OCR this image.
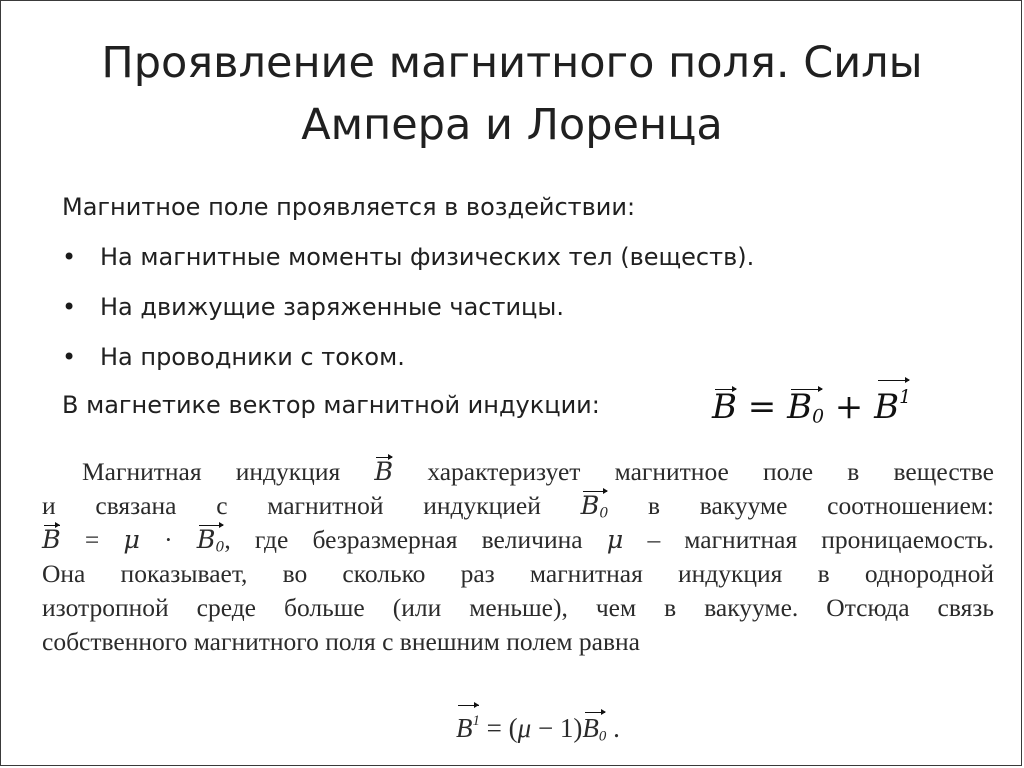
Проявление магнитного поля. Силы
Ампера и Лоренца
Магнитное поле проявляется в воздействии:
• На магнитные моменты физических тел (веществ).
• На движущие заряженные частицы.
• На проводники с током.
В магнетике вектор магнитной индукции:	$B = B_0 + B^1$
Магнитная индукция B характеризует магнитное поле в веществе
и связана с магнитной индукцией $B_0$ в вакууме соотношением:
$B = \mu \cdot B_0$, где безразмерная величина μ – магнитная проницаемость.
Она показывает, во сколько раз магнитная индукция в однородной
изотропной среде больше (или меньше), чем в вакууме. Отсюда связь
собственного магнитного поля с внешним полем равна
$B^1 = (\mu - 1)B_0$ .
